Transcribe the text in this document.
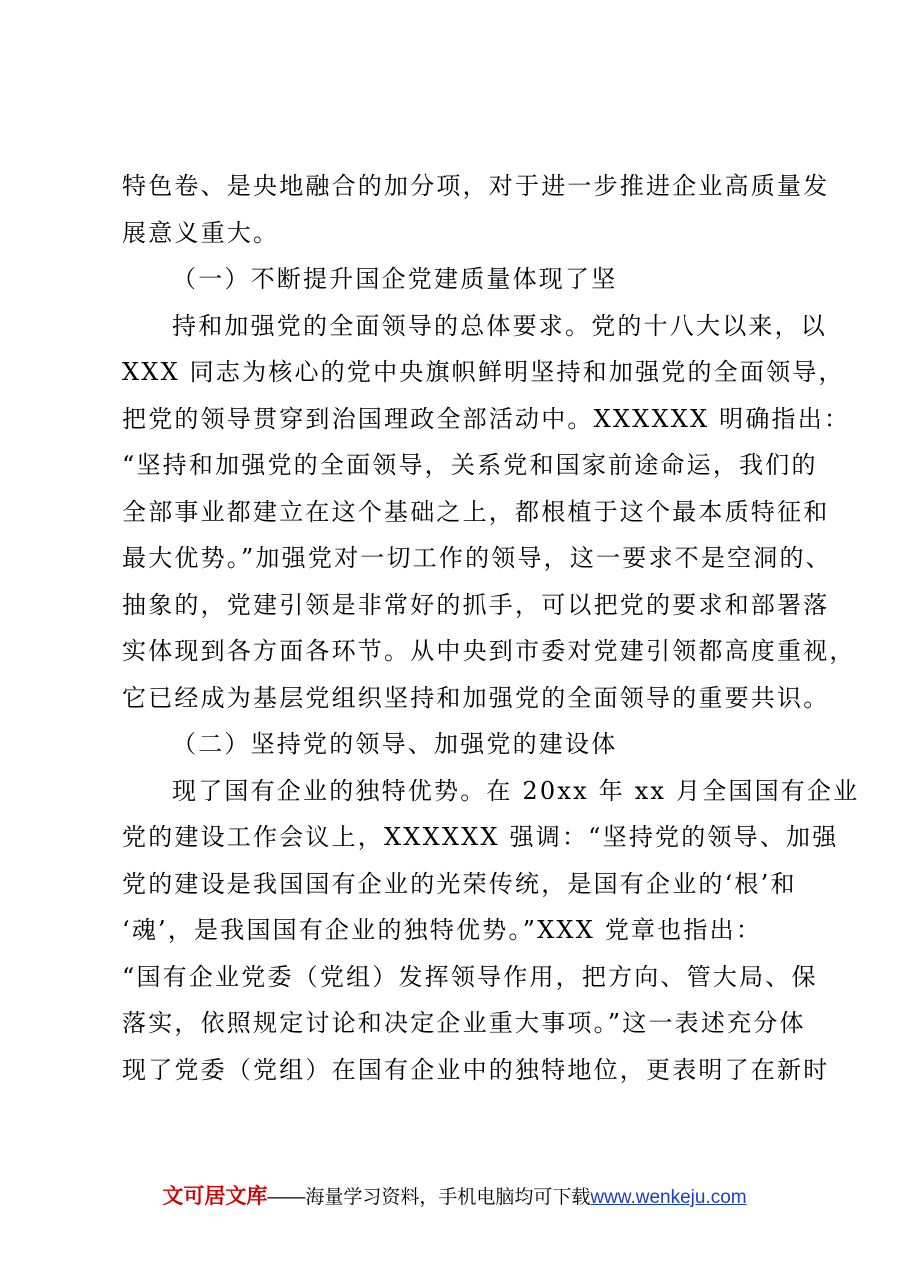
特色卷、是央地融合的加分项，对于进一步推进企业高质量发
展意义重大。
（一）不断提升国企党建质量体现了坚
持和加强党的全面领导的总体要求。党的十八大以来，以
XXX 同志为核心的党中央旗帜鲜明坚持和加强党的全面领导，
把党的领导贯穿到治国理政全部活动中。XXXXXX 明确指出：
“坚持和加强党的全面领导，关系党和国家前途命运，我们的
全部事业都建立在这个基础之上，都根植于这个最本质特征和
最大优势。”加强党对一切工作的领导，这一要求不是空洞的、
抽象的，党建引领是非常好的抓手，可以把党的要求和部署落
实体现到各方面各环节。从中央到市委对党建引领都高度重视，
它已经成为基层党组织坚持和加强党的全面领导的重要共识。
（二）坚持党的领导、加强党的建设体
现了国有企业的独特优势。在 20xx 年 xx 月全国国有企业
党的建设工作会议上，XXXXXX 强调：“坚持党的领导、加强
党的建设是我国国有企业的光荣传统，是国有企业的‘根’和
‘魂’，是我国国有企业的独特优势。”XXX 党章也指出：
“国有企业党委（党组）发挥领导作用，把方向、管大局、保
落实，依照规定讨论和决定企业重大事项。”这一表述充分体
现了党委（党组）在国有企业中的独特地位，更表明了在新时
文可居文库——海量学习资料，手机电脑均可下载www.wenkeju.com
